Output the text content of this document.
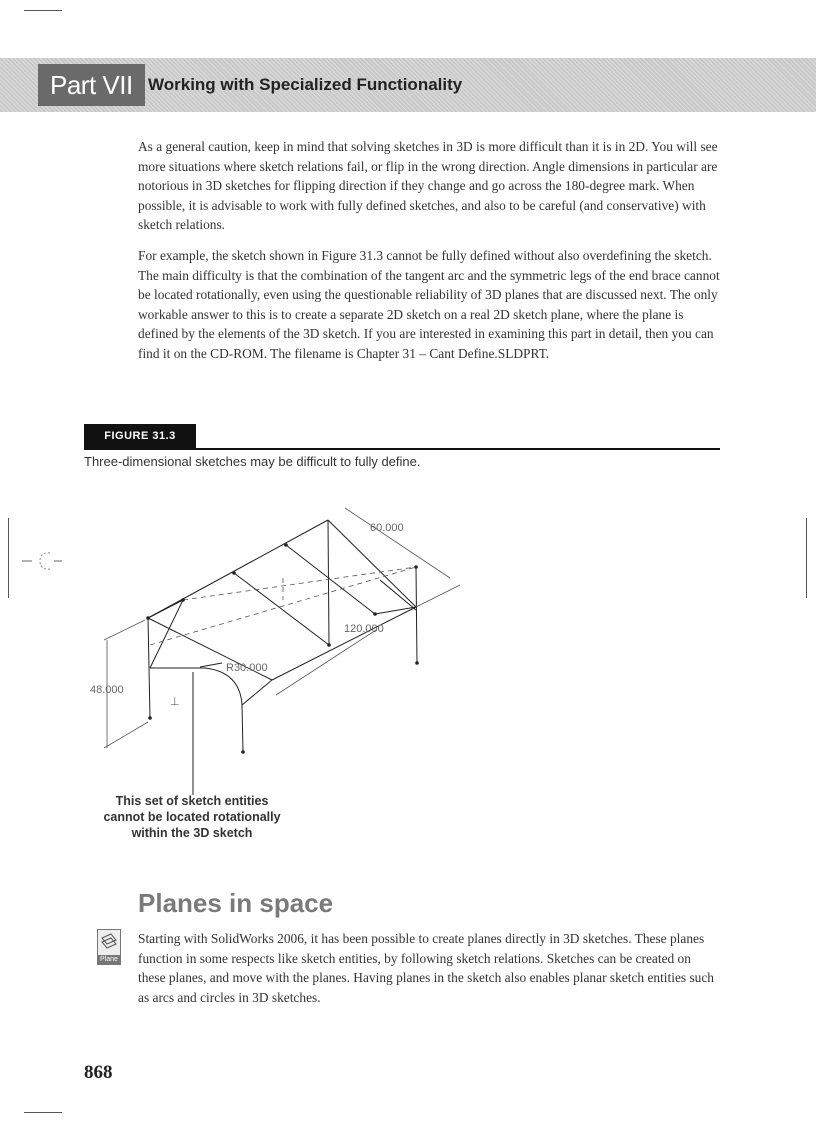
Part VII Working with Specialized Functionality

As a general caution, keep in mind that solving sketches in 3D is more difficult than it is in 2D. You will see more situations where sketch relations fail, or flip in the wrong direction. Angle dimensions in particular are notorious in 3D sketches for flipping direction if they change and go across the 180-degree mark. When possible, it is advisable to work with fully defined sketches, and also to be careful (and conservative) with sketch relations.

For example, the sketch shown in Figure 31.3 cannot be fully defined without also overdefining the sketch. The main difficulty is that the combination of the tangent arc and the symmetric legs of the end brace cannot be located rotationally, even using the questionable reliability of 3D planes that are discussed next. The only workable answer to this is to create a separate 2D sketch on a real 2D sketch plane, where the plane is defined by the elements of the 3D sketch. If you are interested in examining this part in detail, then you can find it on the CD-ROM. The filename is Chapter 31 – Cant Define.SLDPRT.

FIGURE 31.3
Three-dimensional sketches may be difficult to fully define.
60.000
120.000
48.000
R30.000
⊥
This set of sketch entities
cannot be located rotationally
within the 3D sketch
Planes in space
Plane

Starting with SolidWorks 2006, it has been possible to create planes directly in 3D sketches. These planes function in some respects like sketch entities, by following sketch relations. Sketches can be created on these planes, and move with the planes. Having planes in the sketch also enables planar sketch entities such as arcs and circles in 3D sketches.

868
